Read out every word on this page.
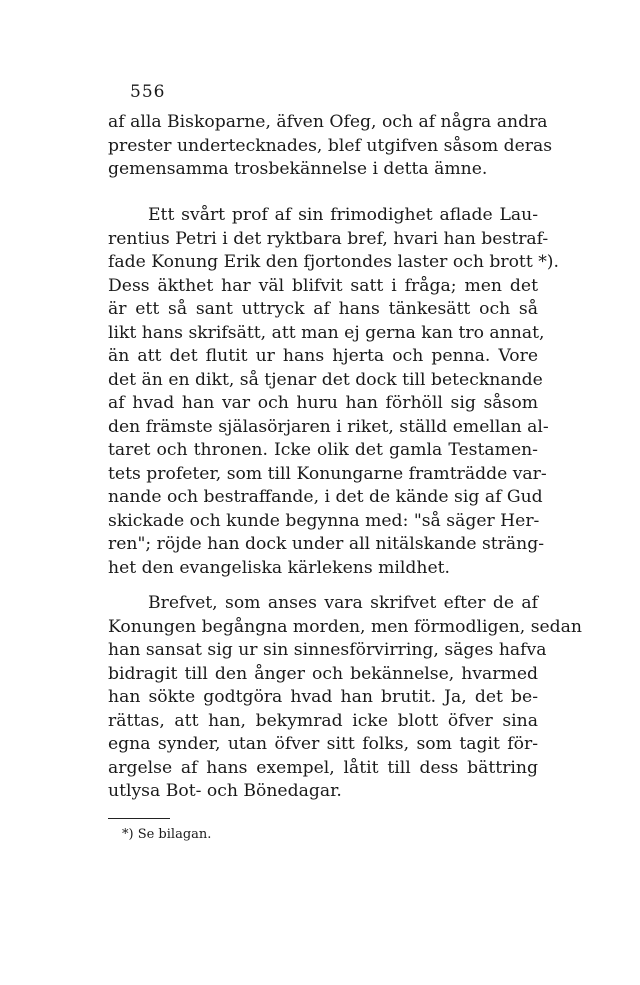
556
af alla Biskoparne, äfven Ofeg, och af några andra
prester undertecknades, blef utgifven såsom deras
gemensamma trosbekännelse i detta ämne.
Ett svårt prof af sin frimodighet aflade Lau-
rentius Petri i det ryktbara bref, hvari han bestraf-
fade Konung Erik den fjortondes laster och brott *).
Dess äkthet har väl blifvit satt i fråga; men det
är ett så sant uttryck af hans tänkesätt och så
likt hans skrifsätt, att man ej gerna kan tro annat,
än att det flutit ur hans hjerta och penna. Vore
det än en dikt, så tjenar det dock till betecknande
af hvad han var och huru han förhöll sig såsom
den främste själasörjaren i riket, ställd emellan al-
taret och thronen. Icke olik det gamla Testamen-
tets profeter, som till Konungarne framträdde var-
nande och bestraffande, i det de kände sig af Gud
skickade och kunde begynna med: "så säger Her-
ren"; röjde han dock under all nitälskande sträng-
het den evangeliska kärlekens mildhet.
Brefvet, som anses vara skrifvet efter de af
Konungen begångna morden, men förmodligen, sedan
han sansat sig ur sin sinnesförvirring, säges hafva
bidragit till den ånger och bekännelse, hvarmed
han sökte godtgöra hvad han brutit. Ja, det be-
rättas, att han, bekymrad icke blott öfver sina
egna synder, utan öfver sitt folks, som tagit för-
argelse af hans exempel, låtit till dess bättring
utlysa Bot- och Bönedagar.
*) Se bilagan.
